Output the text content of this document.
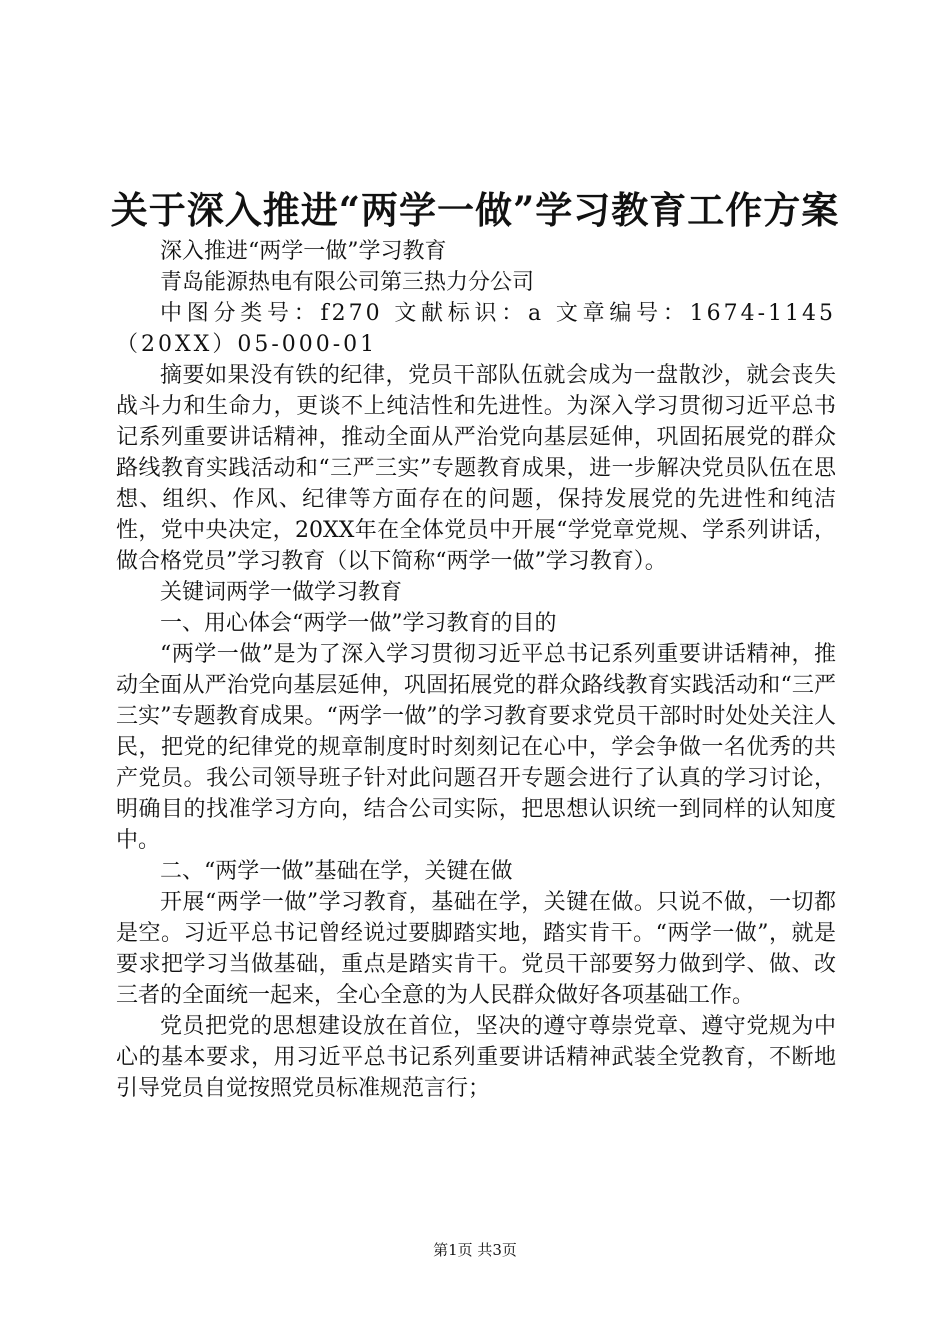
关于深入推进“两学一做”学习教育工作方案

深入推进“两学一做”学习教育

青岛能源热电有限公司第三热力分公司

中图分类号：f270 文献标识：a 文章编号：1674-1145（20XX）05-000-01

摘要如果没有铁的纪律，党员干部队伍就会成为一盘散沙，就会丧失战斗力和生命力，更谈不上纯洁性和先进性。为深入学习贯彻习近平总书记系列重要讲话精神，推动全面从严治党向基层延伸，巩固拓展党的群众路线教育实践活动和“三严三实”专题教育成果，进一步解决党员队伍在思想、组织、作风、纪律等方面存在的问题，保持发展党的先进性和纯洁性，党中央决定，20XX年在全体党员中开展“学党章党规、学系列讲话，做合格党员”学习教育（以下简称“两学一做”学习教育）。

关键词两学一做学习教育

一、用心体会“两学一做”学习教育的目的

“两学一做”是为了深入学习贯彻习近平总书记系列重要讲话精神，推动全面从严治党向基层延伸，巩固拓展党的群众路线教育实践活动和“三严三实”专题教育成果。“两学一做”的学习教育要求党员干部时时处处关注人民，把党的纪律党的规章制度时时刻刻记在心中，学会争做一名优秀的共产党员。我公司领导班子针对此问题召开专题会进行了认真的学习讨论，明确目的找准学习方向，结合公司实际，把思想认识统一到同样的认知度中。

二、“两学一做”基础在学，关键在做

开展“两学一做”学习教育，基础在学，关键在做。只说不做，一切都是空。习近平总书记曾经说过要脚踏实地，踏实肯干。“两学一做”，就是要求把学习当做基础，重点是踏实肯干。党员干部要努力做到学、做、改三者的全面统一起来，全心全意的为人民群众做好各项基础工作。

党员把党的思想建设放在首位，坚决的遵守尊崇党章、遵守党规为中心的基本要求，用习近平总书记系列重要讲话精神武装全党教育，不断地引导党员自觉按照党员标准规范言行；

第1页 共3页
